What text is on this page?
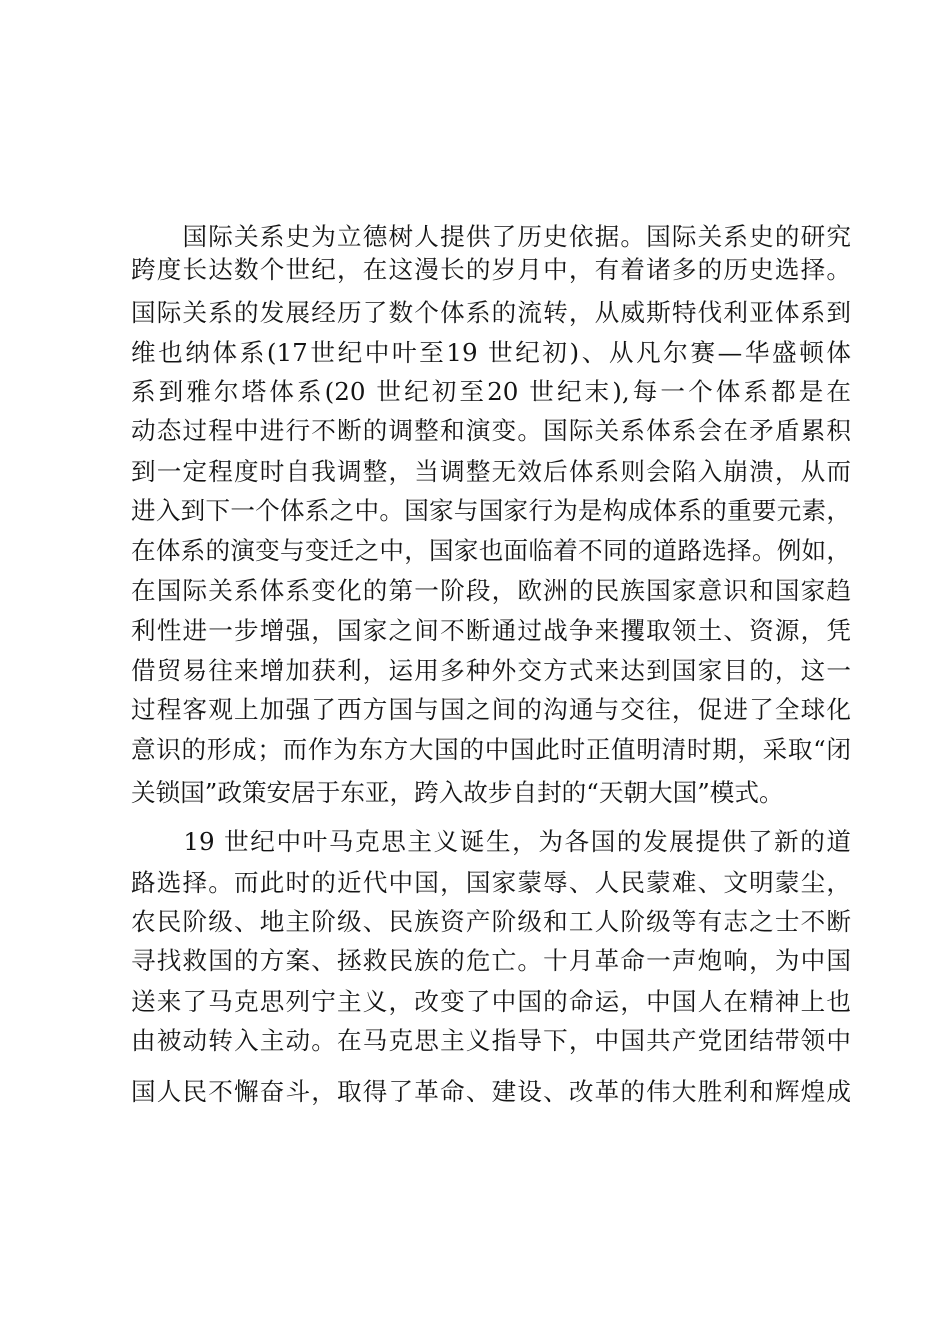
　　国际关系史为立德树人提供了历史依据。国际关系史的研究
跨度长达数个世纪，在这漫长的岁月中，有着诸多的历史选择。
国际关系的发展经历了数个体系的流转，从威斯特伐利亚体系到
维也纳体系(17世纪中叶至19 世纪初)、从凡尔赛—华盛顿体
系到雅尔塔体系(20 世纪初至20 世纪末),每一个体系都是在
动态过程中进行不断的调整和演变。国际关系体系会在矛盾累积
到一定程度时自我调整，当调整无效后体系则会陷入崩溃，从而
进入到下一个体系之中。国家与国家行为是构成体系的重要元素，
在体系的演变与变迁之中，国家也面临着不同的道路选择。例如，
在国际关系体系变化的第一阶段，欧洲的民族国家意识和国家趋
利性进一步增强，国家之间不断通过战争来攫取领土、资源，凭
借贸易往来增加获利，运用多种外交方式来达到国家目的，这一
过程客观上加强了西方国与国之间的沟通与交往，促进了全球化
意识的形成；而作为东方大国的中国此时正值明清时期，采取“闭
关锁国”政策安居于东亚，跨入故步自封的“天朝大国”模式。
　　19 世纪中叶马克思主义诞生，为各国的发展提供了新的道
路选择。而此时的近代中国，国家蒙辱、人民蒙难、文明蒙尘，
农民阶级、地主阶级、民族资产阶级和工人阶级等有志之士不断
寻找救国的方案、拯救民族的危亡。十月革命一声炮响，为中国
送来了马克思列宁主义，改变了中国的命运，中国人在精神上也
由被动转入主动。在马克思主义指导下，中国共产党团结带领中
国人民不懈奋斗，取得了革命、建设、改革的伟大胜利和辉煌成
